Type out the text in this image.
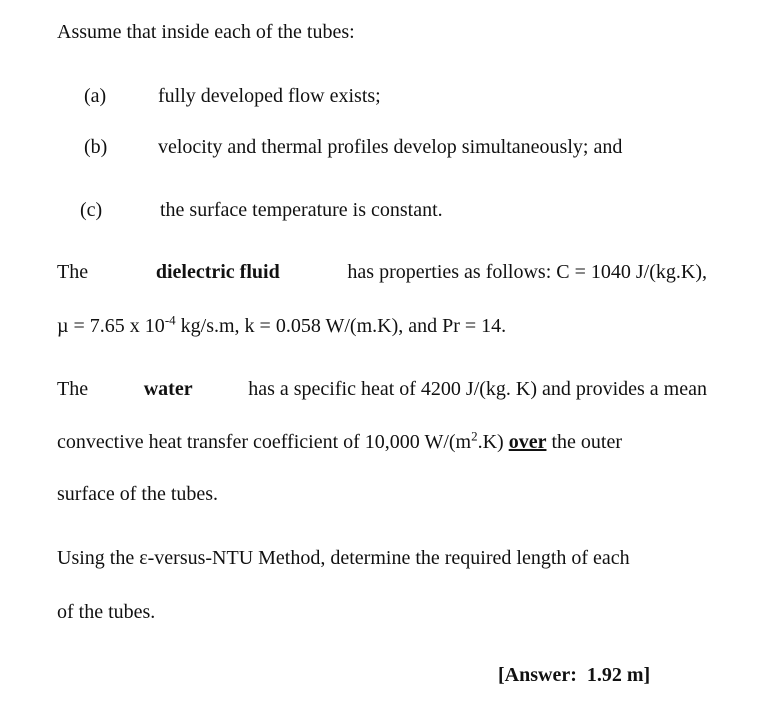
Assume that inside each of the tubes:
(a)	fully developed flow exists;
(b)	velocity and thermal profiles develop simultaneously; and
(c)	the surface temperature is constant.
The	dielectric fluid	has properties as follows: C = 1040 J/(kg.K),
µ = 7.65 x $10^{-4}$ kg/s.m, k = 0.058 W/(m.K), and Pr = 14.
The	water	has a specific heat of 4200 J/(kg. K) and provides a mean
convective heat transfer coefficient of 10,000 $W/(m^2.K)$ over the outer
surface of the tubes.
Using the ε-versus-NTU Method, determine the required length of each
of the tubes.
[Answer:  1.92 m]
